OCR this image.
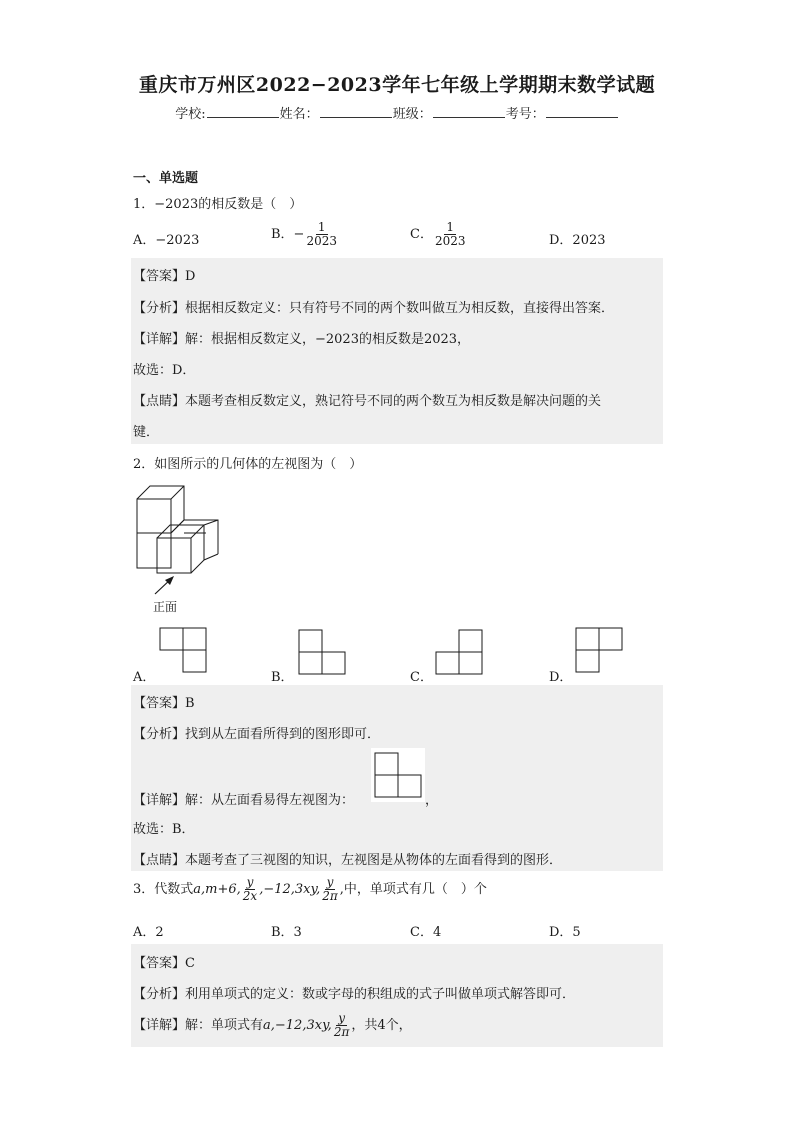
重庆市万州区2022−2023学年七年级上学期期末数学试题
学校:	姓名：	班级：	考号：
一、单选题
1．−2023的相反数是（　）
A．−2023	B．− $\frac{1}{2023}$	C． $\frac{1}{2023}$	D．2023
【答案】D
【分析】根据相反数定义：只有符号不同的两个数叫做互为相反数，直接得出答案．
【详解】解：根据相反数定义，−2023的相反数是2023，
故选：D．
【点睛】本题考查相反数定义，熟记符号不同的两个数互为相反数是解决问题的关
键．
2．如图所示的几何体的左视图为（　）
正面
A．	B．	C．	D．
【答案】B
【分析】找到从左面看所得到的图形即可．
【详解】解：从左面看易得左视图为：	，
故选：B．
【点睛】本题考查了三视图的知识，左视图是从物体的左面看得到的图形．
3．代数式a,m+6, $\frac{y}{2x} ,-12,3xy$, $\frac{y}{2\pi}$ ,中，单项式有几（　）个
A．2	B．3	C．4	D．5
【答案】C
【分析】利用单项式的定义：数或字母的积组成的式子叫做单项式解答即可．
【详解】解：单项式有a,−12,3xy, $\frac{y}{2\pi}$ ，共4个，
